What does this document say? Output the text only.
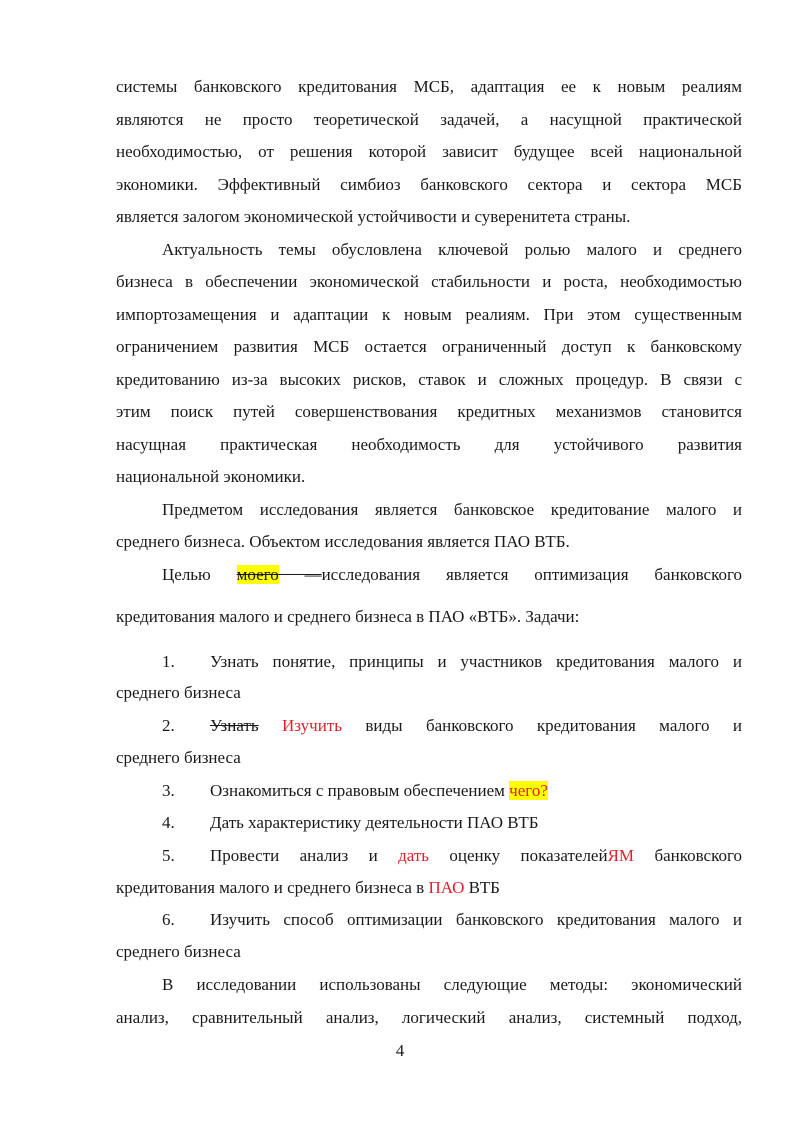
системы банковского кредитования МСБ, адаптация ее к новым реалиям
являются не просто теоретической задачей, а насущной практической
необходимостью, от решения которой зависит будущее всей национальной
экономики. Эффективный симбиоз банковского сектора и сектора МСБ
является залогом экономической устойчивости и суверенитета страны.
Актуальность темы обусловлена ключевой ролью малого и среднего
бизнеса в обеспечении экономической стабильности и роста, необходимостью
импортозамещения и адаптации к новым реалиям. При этом существенным
ограничением развития МСБ остается ограниченный доступ к банковскому
кредитованию из-за высоких рисков, ставок и сложных процедур. В связи с
этим поиск путей совершенствования кредитных механизмов становится
насущная практическая необходимость для устойчивого развития
национальной экономики.
Предметом исследования является банковское кредитование малого и
среднего бизнеса. Объектом исследования является ПАО ВТБ.
Целью моего —исследования является оптимизация банковского
кредитования малого и среднего бизнеса в ПАО «ВТБ». Задачи:
1.	Узнать понятие, принципы и участников кредитования малого и
среднего бизнеса
2.	Узнать Изучить виды банковского кредитования малого и
среднего бизнеса
3.	Ознакомиться с правовым обеспечением чего?
4.	Дать характеристику деятельности ПАО ВТБ
5.	Провести анализ и дать оценку показателейЯМ банковского
кредитования малого и среднего бизнеса в ПАО ВТБ
6.	Изучить способ оптимизации банковского кредитования малого и
среднего бизнеса
В исследовании использованы следующие методы: экономический
анализ, сравнительный анализ, логический анализ, системный подход,
4
